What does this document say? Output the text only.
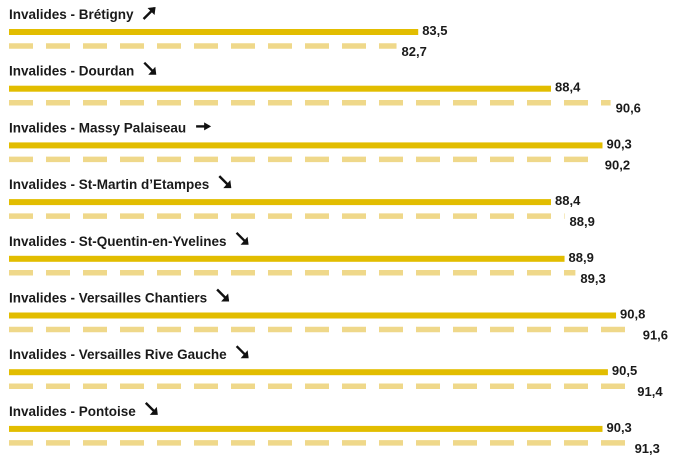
Invalides - Brétigny
83,5
82,7
Invalides - Dourdan
88,4
90,6
Invalides - Massy Palaiseau
90,3
90,2
Invalides - St-Martin d’Etampes
88,4
88,9
Invalides - St-Quentin-en-Yvelines
88,9
89,3
Invalides - Versailles Chantiers
90,8
91,6
Invalides - Versailles Rive Gauche
90,5
91,4
Invalides - Pontoise
90,3
91,3
